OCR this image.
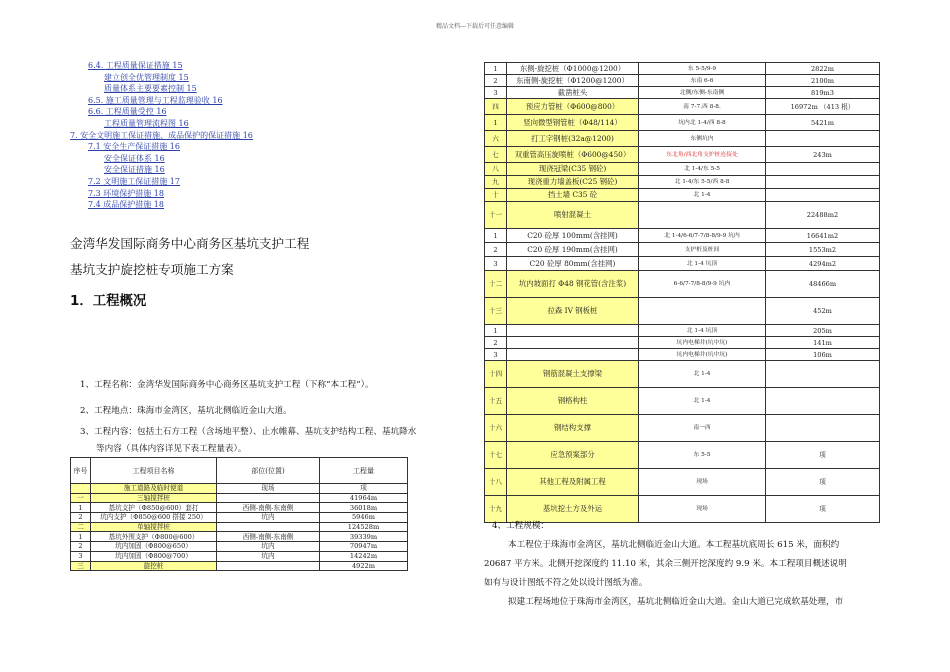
精品文档---下载后可任意编辑
6.4. 工程质量保证措施 15
建立创全优管理制度 15
质量体系主要要素控制 15
6.5. 施工质量管理与工程监理验收 16
6.6. 工程质量受控 16
工程质量管理流程图 16
7. 安全文明施工保证措施、成品保护的保证措施 16
7.1 安全生产保证措施 16
安全保证体系 16
安全保证措施 16
7.2 文明施工保证措施 17
7.3 环境保护措施 18
7.4 成品保护措施 18
金湾华发国际商务中心商务区基坑支护工程
基坑支护旋挖桩专项施工方案
1．工程概况
1、工程名称：金湾华发国际商务中心商务区基坑支护工程（下称“本工程”）。
2、工程地点：珠海市金湾区，基坑北侧临近金山大道。
3、工程内容：包括土石方工程（含场地平整）、止水帷幕、基坑支护结构工程、基坑降水
等内容（具体内容详见下表工程量表）。
序号	工程项目名称	部位(位置)	工程量
	施工道路及临时便道	现场	项
一	三轴搅拌桩		41964m
1	基坑支护（Φ850@600）套打	西侧-南侧-东南侧	36018m
2	坑内支护（Φ850@600 搭接 250）	坑内	5946m
二	单轴搅拌桩		124528m
1	基坑外围支护（Φ800@600）	西侧-南侧-东南侧	39339m
2	坑内加固（Φ800@650）	坑内	70947m
3	坑内加固（Φ800@700）	坑内	14242m
三	旋挖桩		4922m
1	东侧-旋挖桩（Φ1000@1200）	东 5-5/9-9	2822m
2	东南侧-旋挖桩（Φ1200@1200）	东南 6-6	2100m
3	截凿桩头	北侧/东侧-东南侧	819m3
四	预应力管桩（Φ600@800）	南 7-7.西 8-8.	16972m （413 根）
1	竖向微型钢管桩（Φ48/114）	坑内北 1-4/西 8-8	5421m
六	打工字钢桩(32a@1200)	东侧坑内	
七	双重管高压旋喷桩（Φ600@450）	东北角/西北角支护桩连接处	243m
八	现浇冠梁(C35 钢砼)	北 1-4/东 5-5	
九	现浇重力墙盖板(C25 钢砼)	北 1-4/东 5-5/西 8-8	
十	挡土墙 C35 砼	北 1-4	
十一	喷射混凝土		22488m2
1	C20 砼厚 100mm(含挂网)	北 1-4/6-6/7-7/8-8/9-9 坑内	16641m2
2	C20 砼厚 190mm(含挂网)	支护桩及桩间	1553m2
3	C20 砼厚 80mm(含挂网)	北 1-4 坑顶	4294m2
十二	坑内坡面打 Φ48 钢花管(含注浆)	6-6/7-7/8-8/9-9 坑内	48466m
十三	拉森 IV 钢板桩		452m
1		北 1-4 坑顶	205m
2		坑内电梯井(坑中坑)	141m
3		坑内电梯井(坑中坑)	106m
十四	钢筋混凝土支撑梁	北 1-4	
十五	钢格构柱	北 1-4	
十六	钢结构支撑	南一西	
十七	应急预案部分	东 5-5	项
十八	其他工程及附属工程	现场	项
十九	基坑挖土方及外运	现场	项

4、工程规模：

本工程位于珠海市金湾区，基坑北侧临近金山大道。本工程基坑底周长 615 米，面积约

20687 平方米。北侧开挖深度约 11.10 米，其余三侧开挖深度约 9.9 米。本工程项目概述说明

如有与设计图纸不符之处以设计图纸为准。

拟建工程场地位于珠海市金湾区，基坑北侧临近金山大道。金山大道已完成软基处理，市
